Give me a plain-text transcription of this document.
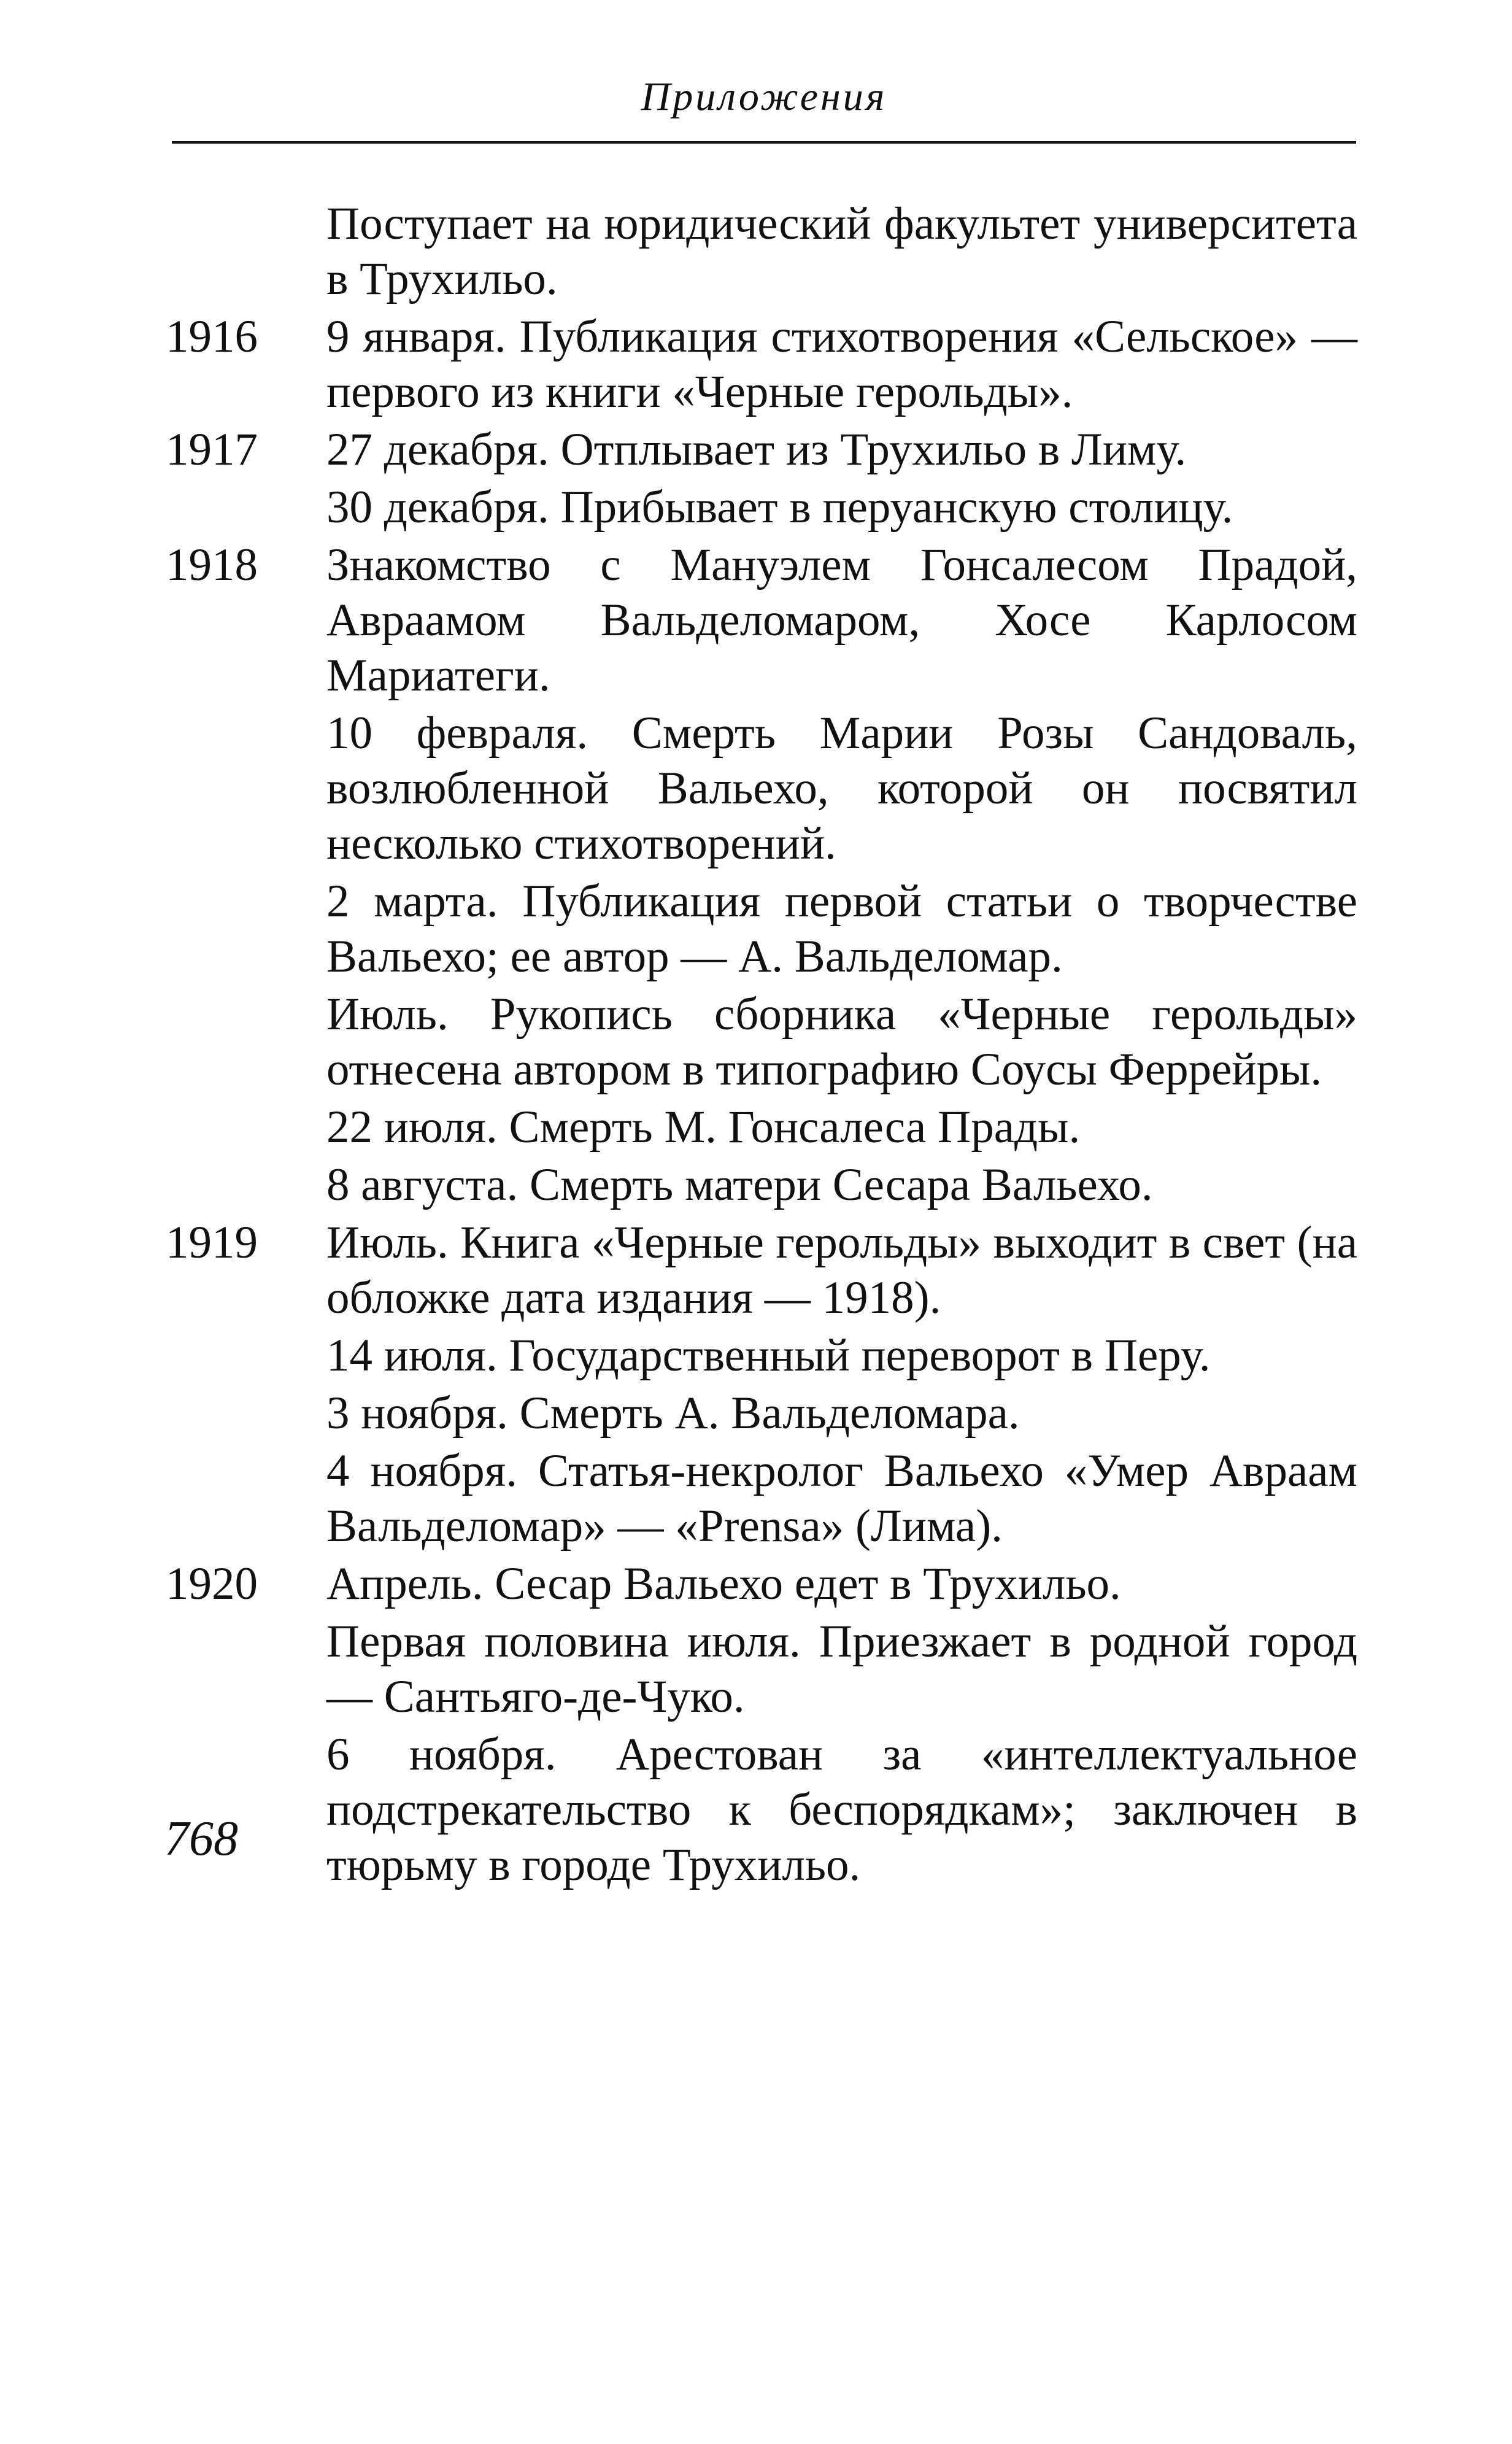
Приложения

Поступает на юридический факультет университета в Трухильо.

1916	9 января. Публикация стихотворения «Сельское» — первого из книги «Черные герольды».

1917	27 декабря. Отплывает из Трухильо в Лиму.

30 декабря. Прибывает в перуанскую столицу.

1918	Знакомство с Мануэлем Гонсалесом Прадой, Авраамом Вальделомаром, Хосе Карлосом Мариатеги.

10 февраля. Смерть Марии Розы Сандоваль, возлюбленной Вальехо, которой он посвятил несколько стихотворений.

2 марта. Публикация первой статьи о творчестве Вальехо; ее автор — А. Вальделомар.

Июль. Рукопись сборника «Черные герольды» отнесена автором в типографию Соусы Феррейры.

22 июля. Смерть М. Гонсалеса Прады.

8 августа. Смерть матери Сесара Вальехо.

1919	Июль. Книга «Черные герольды» выходит в свет (на обложке дата издания — 1918).

14 июля. Государственный переворот в Перу.

3 ноября. Смерть А. Вальделомара.

4 ноября. Статья-некролог Вальехо «Умер Авраам Вальделомар» — «Prensa» (Лима).

1920	Апрель. Сесар Вальехо едет в Трухильо.

Первая половина июля. Приезжает в родной город — Сантьяго-де-Чуко.

6 ноября. Арестован за «интеллектуальное подстрекательство к беспорядкам»; заключен в тюрьму в городе Трухильо.

768
